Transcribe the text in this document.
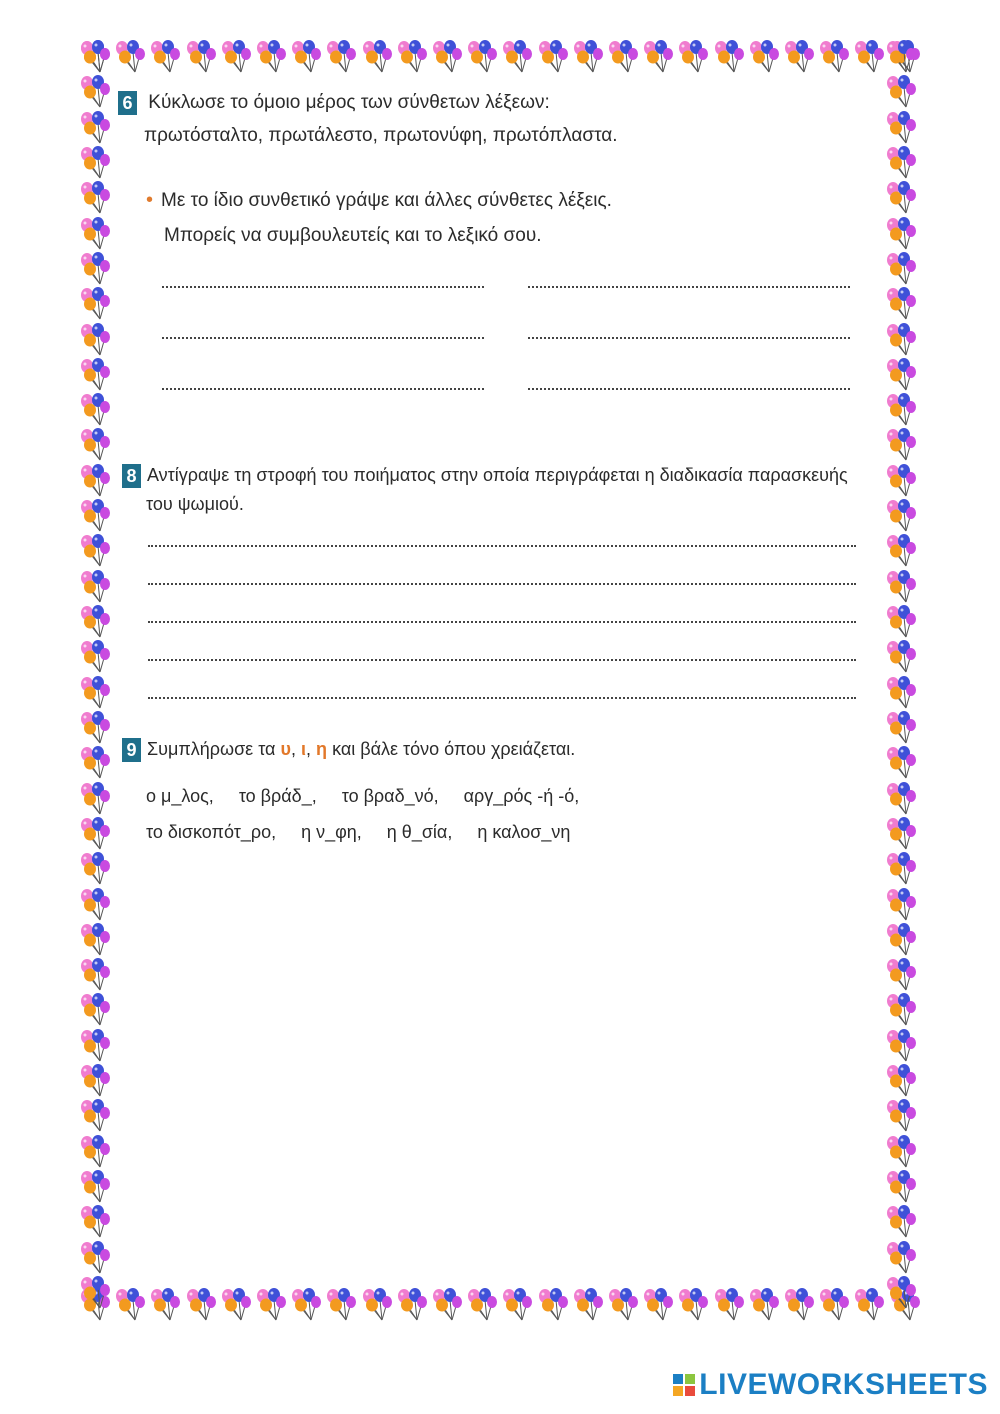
6 Κύκλωσε το όμοιο μέρος των σύνθετων λέξεων:
πρωτόσταλτο, πρωτάλεστο, πρωτονύφη, πρωτόπλαστα.
• Με το ίδιο συνθετικό γράψε και άλλες σύνθετες λέξεις.
Μπορείς να συμβουλευτείς και το λεξικό σου.
8 Αντίγραψε τη στροφή του ποιήματος στην οποία περιγράφεται η διαδικασία παρασκευής
του ψωμιού.
9 Συμπλήρωσε τα υ, ι, η και βάλε τόνο όπου χρειάζεται.
ο μ_λος,     το βράδ_,     το βραδ_νό,     αργ_ρός -ή -ό,
το δισκοπότ_ρο,     η ν_φη,     η θ_σία,     η καλοσ_νη
LIVEWORKSHEETS
